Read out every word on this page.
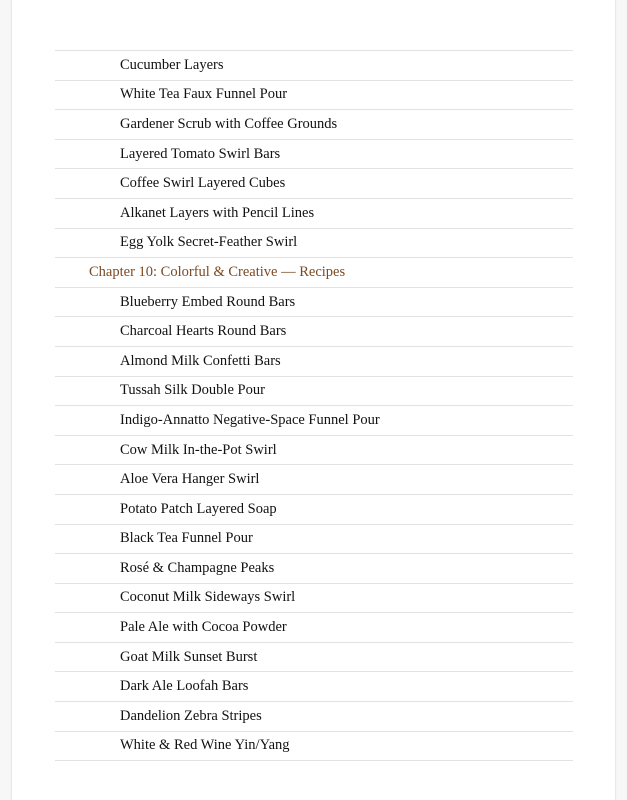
Cucumber Layers
White Tea Faux Funnel Pour
Gardener Scrub with Coffee Grounds
Layered Tomato Swirl Bars
Coffee Swirl Layered Cubes
Alkanet Layers with Pencil Lines
Egg Yolk Secret-Feather Swirl
Chapter 10: Colorful & Creative — Recipes
Blueberry Embed Round Bars
Charcoal Hearts Round Bars
Almond Milk Confetti Bars
Tussah Silk Double Pour
Indigo-Annatto Negative-Space Funnel Pour
Cow Milk In-the-Pot Swirl
Aloe Vera Hanger Swirl
Potato Patch Layered Soap
Black Tea Funnel Pour
Rosé & Champagne Peaks
Coconut Milk Sideways Swirl
Pale Ale with Cocoa Powder
Goat Milk Sunset Burst
Dark Ale Loofah Bars
Dandelion Zebra Stripes
White & Red Wine Yin/Yang
